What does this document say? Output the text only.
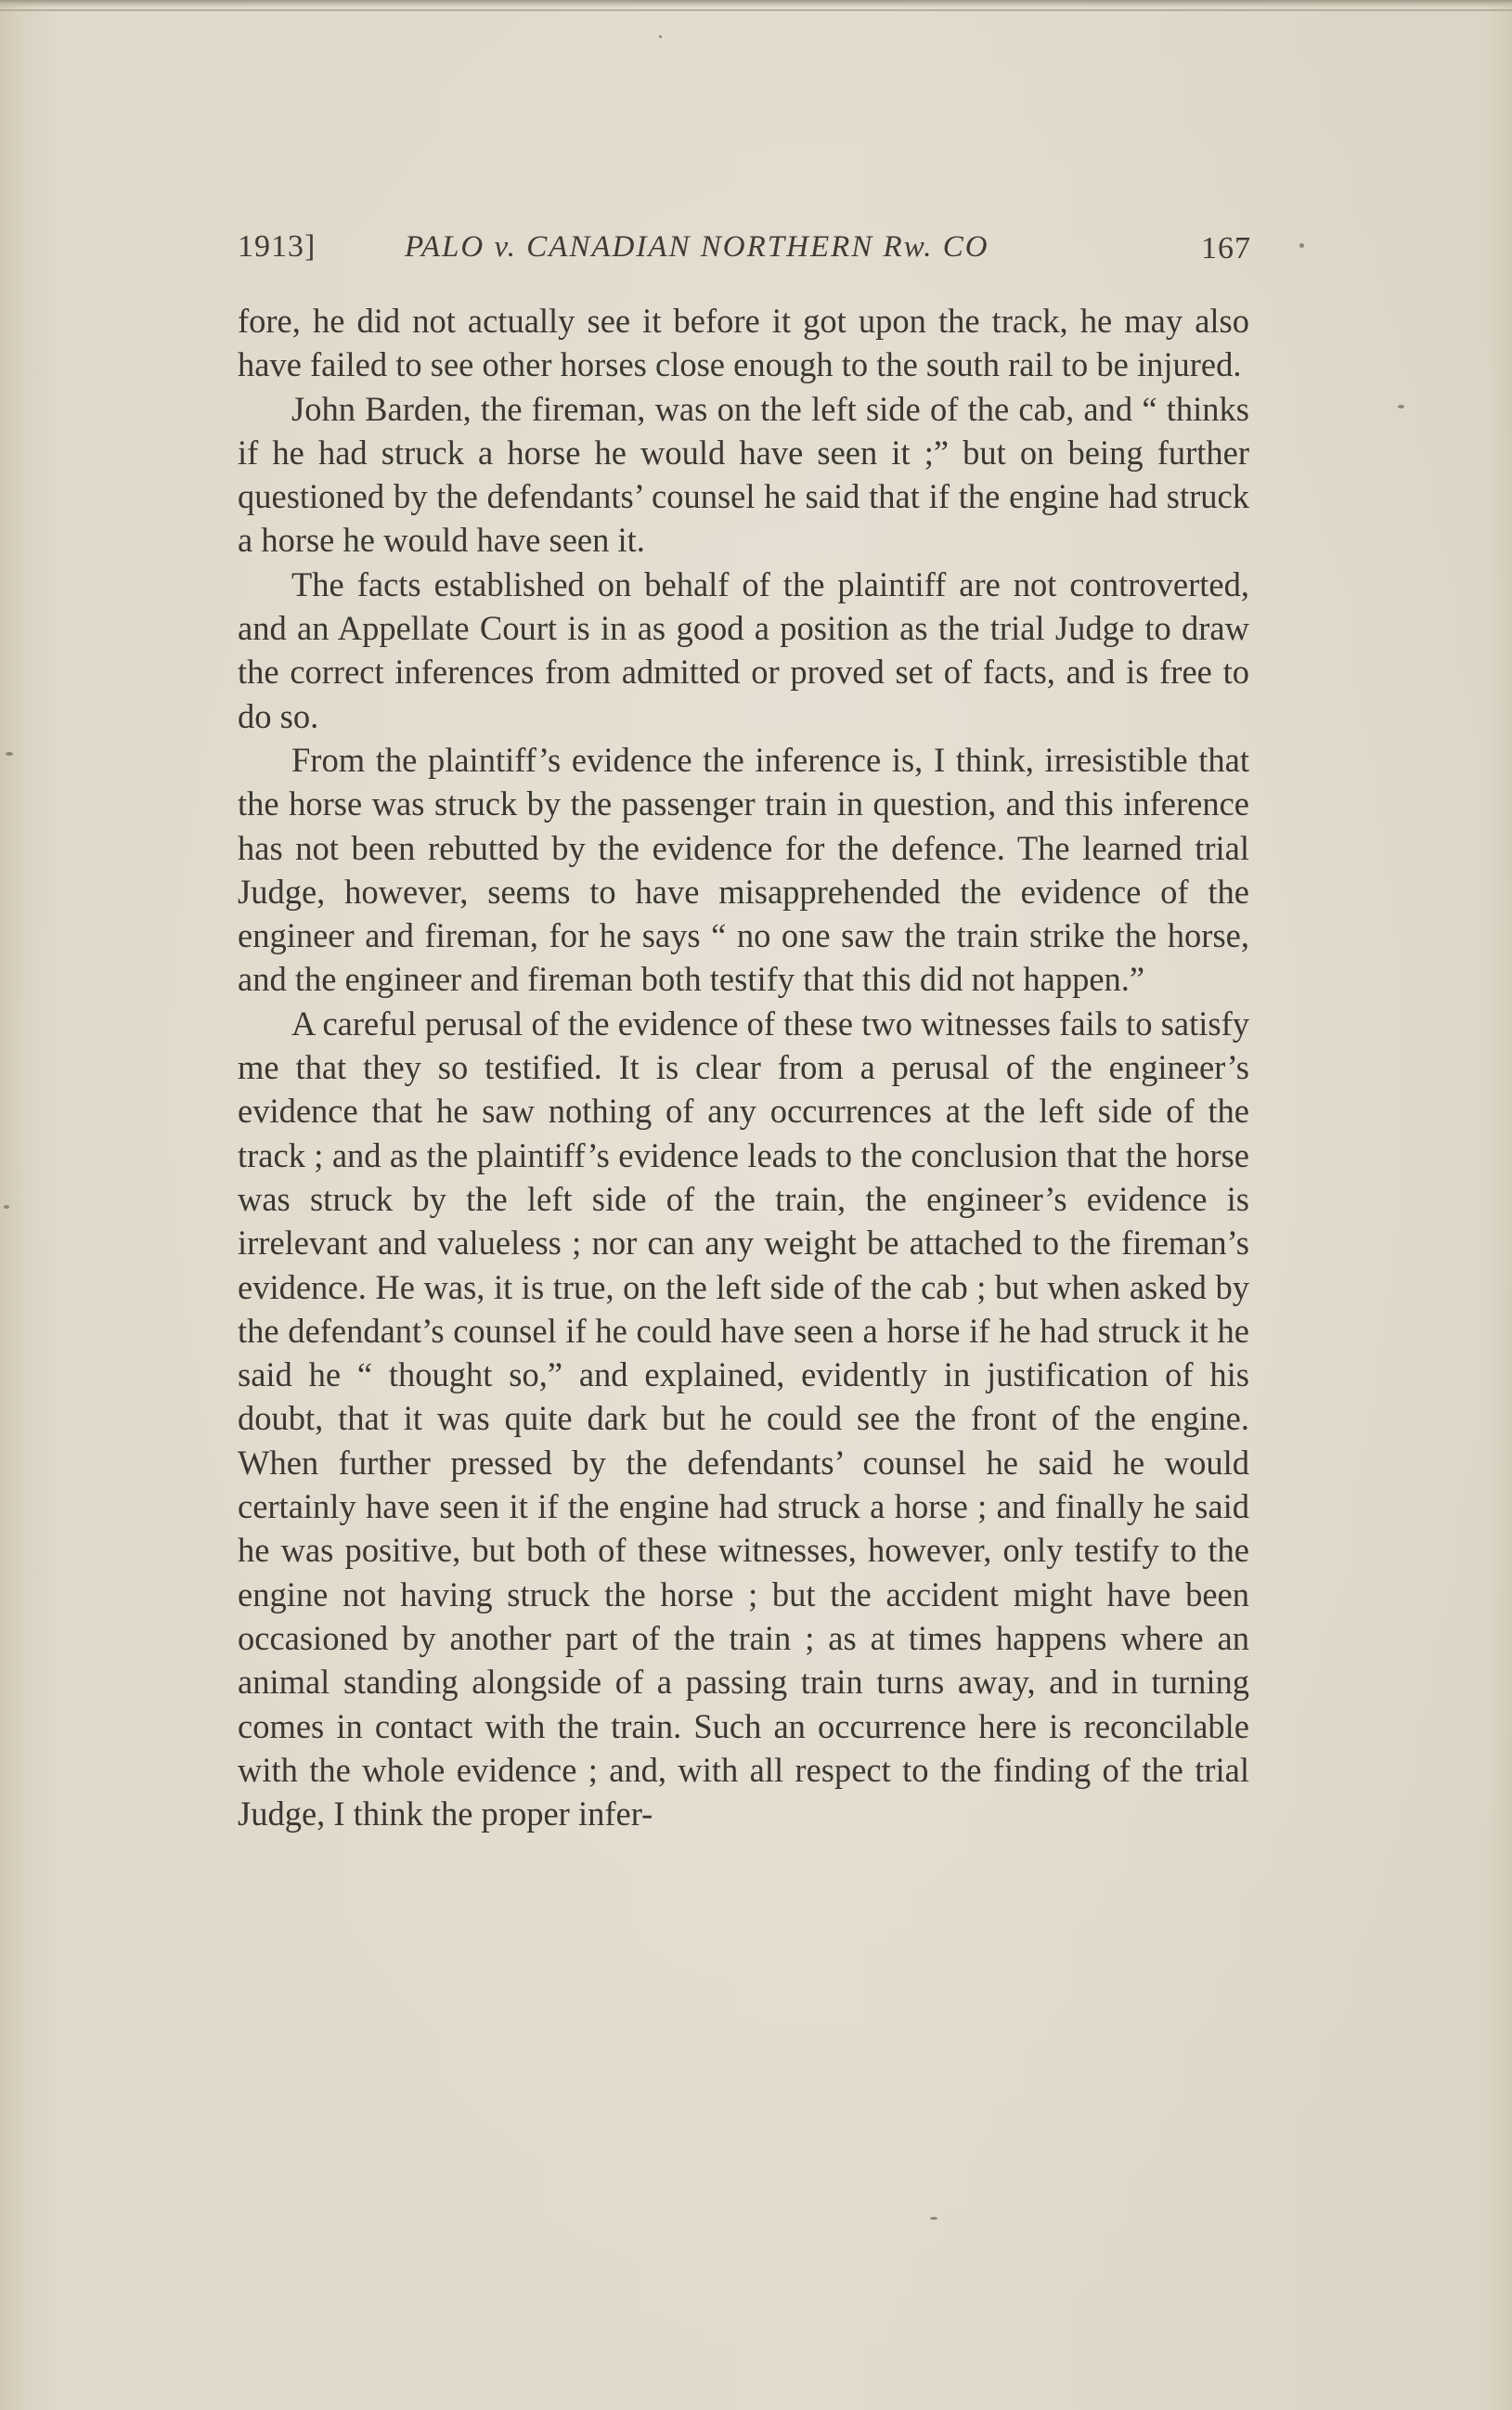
1913]	PALO v. CANADIAN NORTHERN Rw. CO	167

fore, he did not actually see it before it got upon the track, he may also have failed to see other horses close enough to the south rail to be injured.

John Barden, the fireman, was on the left side of the cab, and “ thinks if he had struck a horse he would have seen it ;” but on being further questioned by the defendants’ counsel he said that if the engine had struck a horse he would have seen it.

The facts established on behalf of the plaintiff are not controverted, and an Appellate Court is in as good a position as the trial Judge to draw the correct inferences from admitted or proved set of facts, and is free to do so.

From the plaintiff’s evidence the inference is, I think, irresistible that the horse was struck by the passenger train in question, and this inference has not been rebutted by the evidence for the defence. The learned trial Judge, however, seems to have misapprehended the evidence of the engineer and fireman, for he says “ no one saw the train strike the horse, and the engineer and fireman both testify that this did not happen.”

A careful perusal of the evidence of these two witnesses fails to satisfy me that they so testified. It is clear from a perusal of the engineer’s evidence that he saw nothing of any occurrences at the left side of the track ; and as the plaintiff’s evidence leads to the conclusion that the horse was struck by the left side of the train, the engineer’s evidence is irrelevant and valueless ; nor can any weight be attached to the fireman’s evidence. He was, it is true, on the left side of the cab ; but when asked by the defendant’s counsel if he could have seen a horse if he had struck it he said he “ thought so,” and explained, evidently in justification of his doubt, that it was quite dark but he could see the front of the engine. When further pressed by the defendants’ counsel he said he would certainly have seen it if the engine had struck a horse ; and finally he said he was positive, but both of these witnesses, however, only testify to the engine not having struck the horse ; but the accident might have been occasioned by another part of the train ; as at times happens where an animal standing alongside of a passing train turns away, and in turning comes in contact with the train. Such an occurrence here is reconcilable with the whole evidence ; and, with all respect to the finding of the trial Judge, I think the proper infer-
